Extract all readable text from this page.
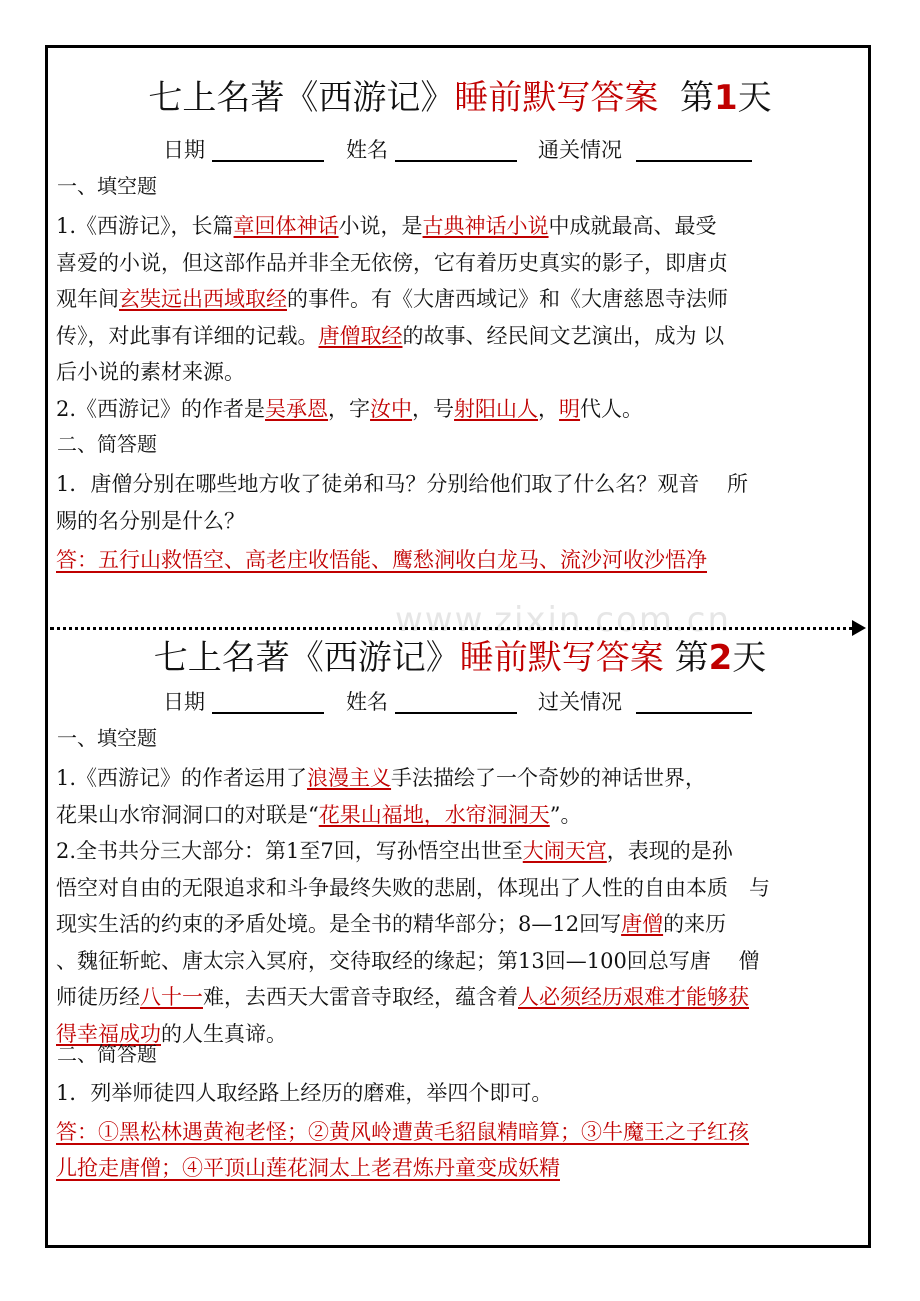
www.zixin.com.cn
七上名著《西游记》睡前默写答案 第1天
日期	姓名	通关情况
一、填空题
1.《西游记》，长篇章回体神话小说，是古典神话小说中成就最高、最受
喜爱的小说，但这部作品并非全无依傍，它有着历史真实的影子，即唐贞
观年间玄奘远出西域取经的事件。有《大唐西域记》和《大唐慈恩寺法师
传》，对此事有详细的记载。唐僧取经的故事、经民间文艺演出，成为 以
后小说的素材来源。
2.《西游记》的作者是吴承恩，字汝中，号射阳山人，明代人。
二、简答题
1．唐僧分别在哪些地方收了徒弟和马？分别给他们取了什么名？观音　 所
赐的名分别是什么？
答：五行山救悟空、高老庄收悟能、鹰愁涧收白龙马、流沙河收沙悟净
七上名著《西游记》睡前默写答案 第2天
日期	姓名	过关情况
一、填空题
1.《西游记》的作者运用了浪漫主义手法描绘了一个奇妙的神话世界，
花果山水帘洞洞口的对联是“花果山福地，水帘洞洞天”。
2.全书共分三大部分：第1至7回，写孙悟空出世至大闹天宫，表现的是孙
悟空对自由的无限追求和斗争最终失败的悲剧，体现出了人性的自由本质　与
现实生活的约束的矛盾处境。是全书的精华部分；8—12回写唐僧的来历
、魏征斩蛇、唐太宗入冥府，交待取经的缘起；第13回—100回总写唐　 僧
师徒历经八十一难，去西天大雷音寺取经，蕴含着人必须经历艰难才能够获
得幸福成功的人生真谛。
二、简答题
1．列举师徒四人取经路上经历的磨难，举四个即可。
答：①黑松林遇黄袍老怪；②黄风岭遭黄毛貂鼠精暗算；③牛魔王之子红孩
儿抢走唐僧；④平顶山莲花洞太上老君炼丹童变成妖精
